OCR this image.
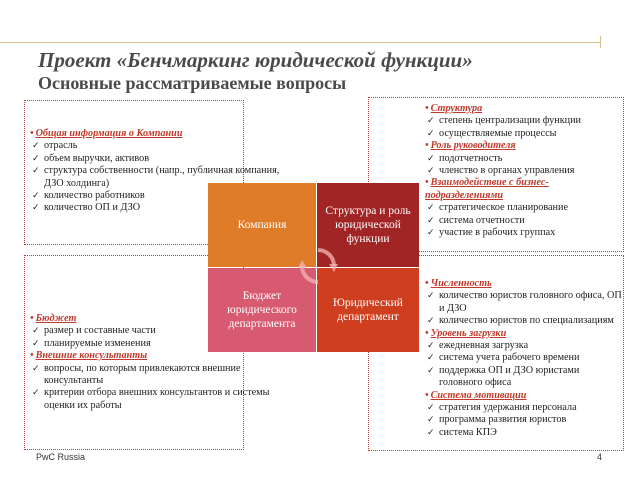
Проект «Бенчмаркинг юридической функции»
Основные рассматриваемые вопросы
• Общая информация о Компании
✓ отрасль
✓ объем выручки, активов
✓ структура собственности (напр., публичная компания, ДЗО холдинга)
✓ количество работников
✓ количество ОП и ДЗО
• Бюджет
✓ размер и составные части
✓ планируемые изменения
• Внешние консультанты
✓ вопросы, по которым привлекаются внешние консультанты
✓ критерии отбора внешних консультантов и системы оценки их работы
• Структура
✓ степень централизации функции
✓ осуществляемые процессы
• Роль руководителя
✓ подотчетность
✓ членство в органах управления
• Взаимодействие с бизнес-подразделениями
✓ стратегическое планирование
✓ система отчетности
✓ участие в рабочих группах
• Численность
✓ количество юристов головного офиса, ОП и ДЗО
✓ количество юристов по специализациям
• Уровень загрузки
✓ ежедневная загрузка
✓ система учета рабочего времени
✓ поддержка ОП и ДЗО юристами головного офиса
• Система мотивации
✓ стратегия удержания персонала
✓ программа развития юристов
✓ система КПЭ
Компания
Структура и роль юридической функции
Бюджет юридического департамента
Юридический департамент
PwC Russia	4
